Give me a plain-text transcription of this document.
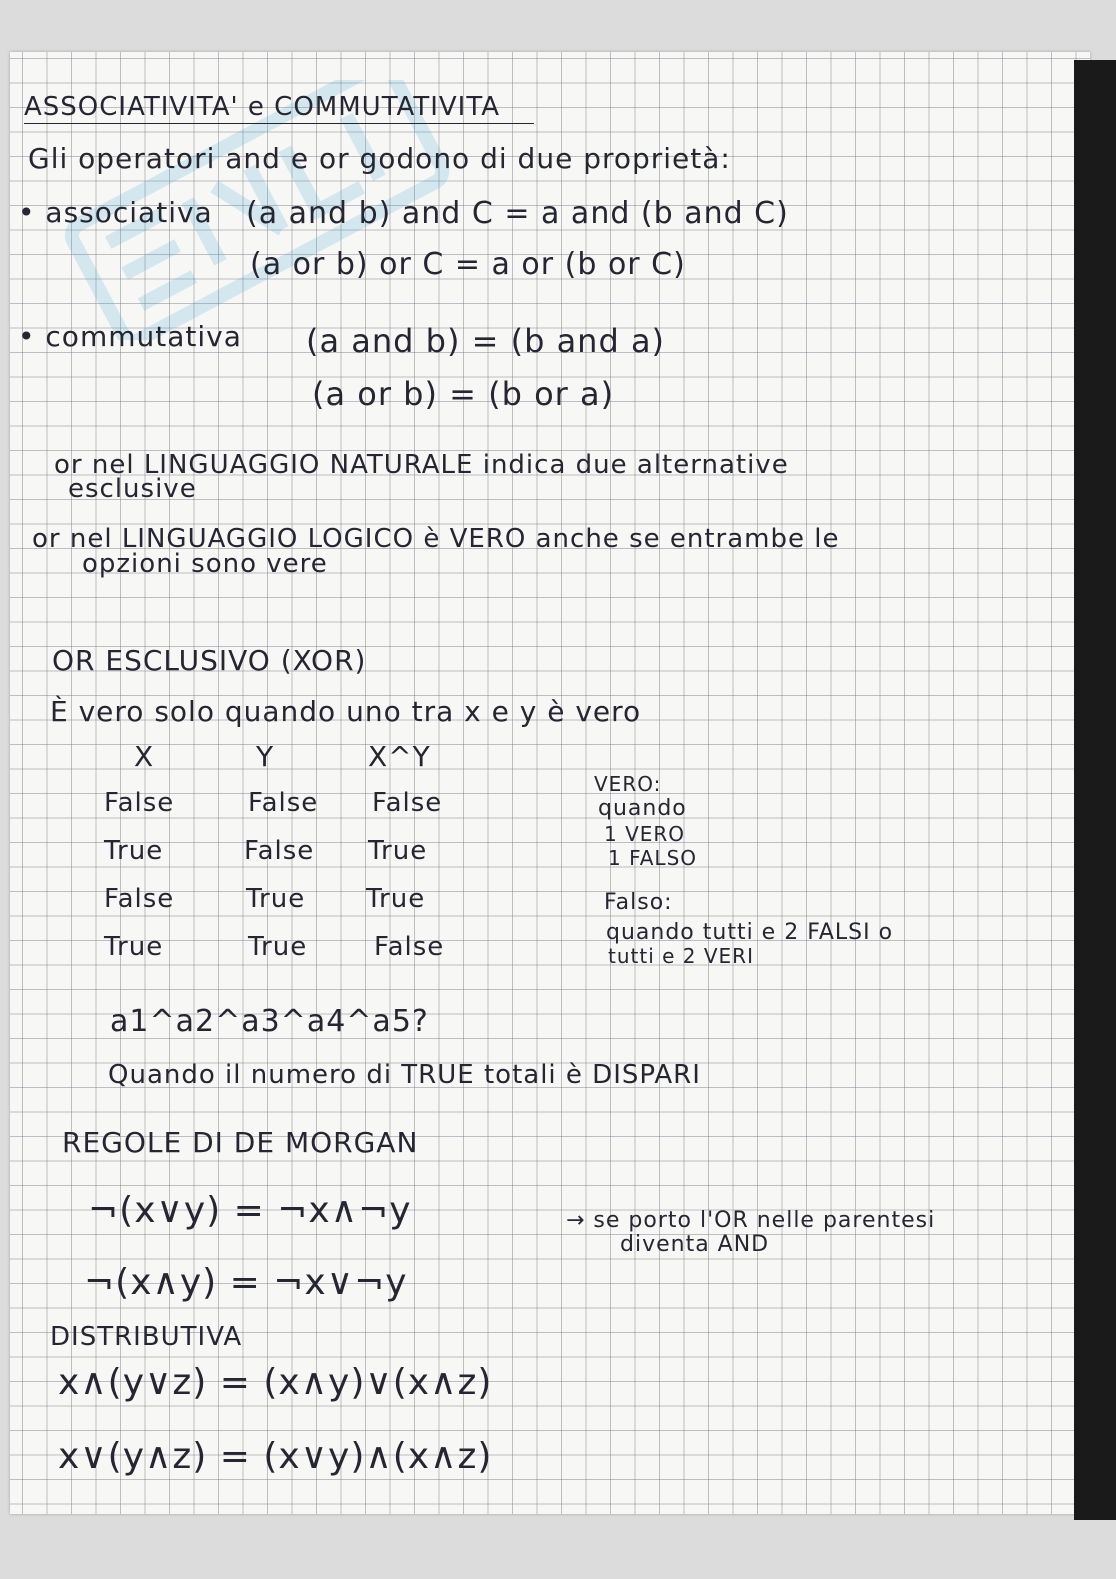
ASSOCIATIVITA' e COMMUTATIVITA
Gli operatori and e or godono di due proprietà:
• associativa (a and b) and C = a and (b and C)
(a or b) or C = a or (b or C)
• commutativa (a and b) = (b and a)
(a or b) = (b or a)
or nel LINGUAGGIO NATURALE indica due alternative
esclusive
or nel LINGUAGGIO LOGICO è VERO anche se entrambe le
opzioni sono vere
OR ESCLUSIVO (XOR)
È vero solo quando uno tra x e y è vero
X	Y	X^Y
False	False False
True	False True
False	True True
True	True	False
VERO:
quando
1 VERO
1 FALSO
Falso:
quando tutti e 2 FALSI o
tutti e 2 VERI
a1^a2^a3^a4^a5?
Quando il numero di TRUE totali è DISPARI
REGOLE DI DE MORGAN
¬(x∨y) = ¬x∧¬y	→ se porto l'OR nelle parentesi
diventa AND
¬(x∧y) = ¬x∨¬y
DISTRIBUTIVA
x∧(y∨z) = (x∧y)∨(x∧z)
x∨(y∧z) = (x∨y)∧(x∧z)
